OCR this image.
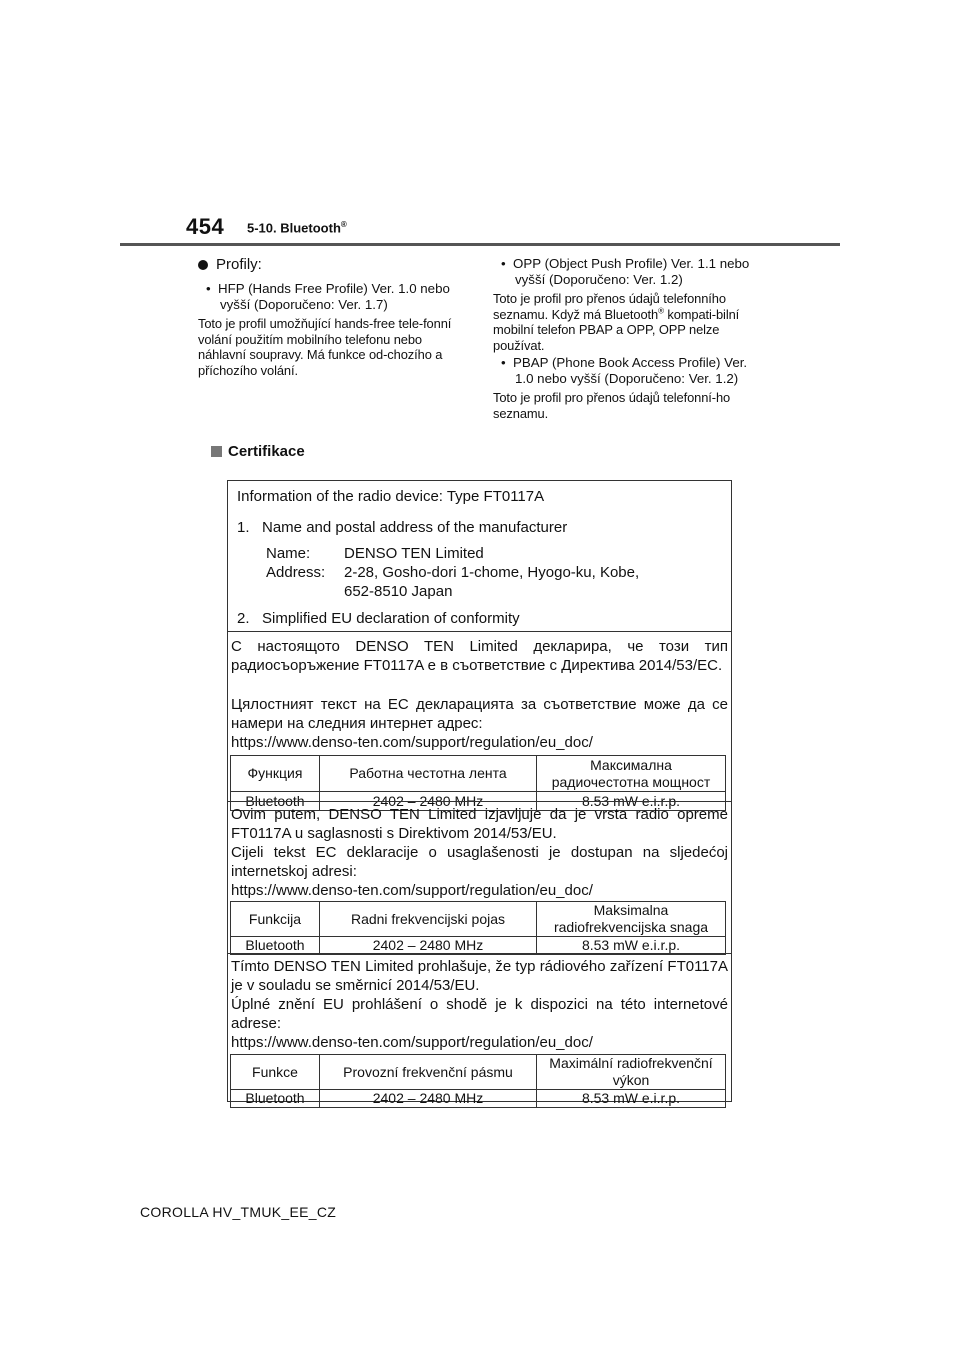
454 5-10. Bluetooth®
Profily:
•  HFP (Hands Free Profile) Ver. 1.0 nebo vyšší (Doporučeno: Ver. 1.7)
Toto je profil umožňující hands-free tele-fonní volání použitím mobilního telefonu nebo náhlavní soupravy. Má funkce od-chozího a příchozího volání.
•  OPP (Object Push Profile) Ver. 1.1 nebo vyšší (Doporučeno: Ver. 1.2)
Toto je profil pro přenos údajů telefonního seznamu. Když má Bluetooth® kompati-bilní mobilní telefon PBAP a OPP, OPP nelze používat.
•  PBAP (Phone Book Access Profile) Ver. 1.0 nebo vyšší (Doporučeno: Ver. 1.2)
Toto je profil pro přenos údajů telefonní-ho seznamu.
Certifikace
Information of the radio device: Type FT0117A
1.   Name and postal address of the manufacturer
Name: DENSO TEN Limited
Address: 2-28, Gosho-dori 1-chome, Hyogo-ku, Kobe,
652-8510 Japan
2.   Simplified EU declaration of conformity
С настоящото DENSO TEN Limited декларира, че този тип радиосъоръжение FT0117A е в съответствие с Директива 2014/53/EC.
Цялостният текст на ЕС декларацията за съответствие може да се намери на следния интернет адрес:
https://www.denso-ten.com/support/regulation/eu_doc/
Функция	Работна честотна лента	Максимална радиочестотна мощност
Bluetooth	2402 – 2480 MHz	8.53 mW e.i.r.p.
Ovim putem, DENSO TEN Limited izjavljuje da je vrsta radio opreme FT0117A u saglasnosti s Direktivom 2014/53/EU.
Cijeli tekst EC deklaracije o usaglašenosti je dostupan na sljedećoj internetskoj adresi:
https://www.denso-ten.com/support/regulation/eu_doc/
Funkcija	Radni frekvencijski pojas	Maksimalna radiofrekvencijska snaga
Bluetooth	2402 – 2480 MHz	8.53 mW e.i.r.p.
Tímto DENSO TEN Limited prohlašuje, že typ rádiového zařízení FT0117A je v souladu se směrnicí 2014/53/EU.
Úplné znění EU prohlášení o shodě je k dispozici na této internetové adrese:
https://www.denso-ten.com/support/regulation/eu_doc/
Funkce	Provozní frekvenční pásmu	Maximální radiofrekvenční výkon
Bluetooth	2402 – 2480 MHz	8.53 mW e.i.r.p.
COROLLA HV_TMUK_EE_CZ
